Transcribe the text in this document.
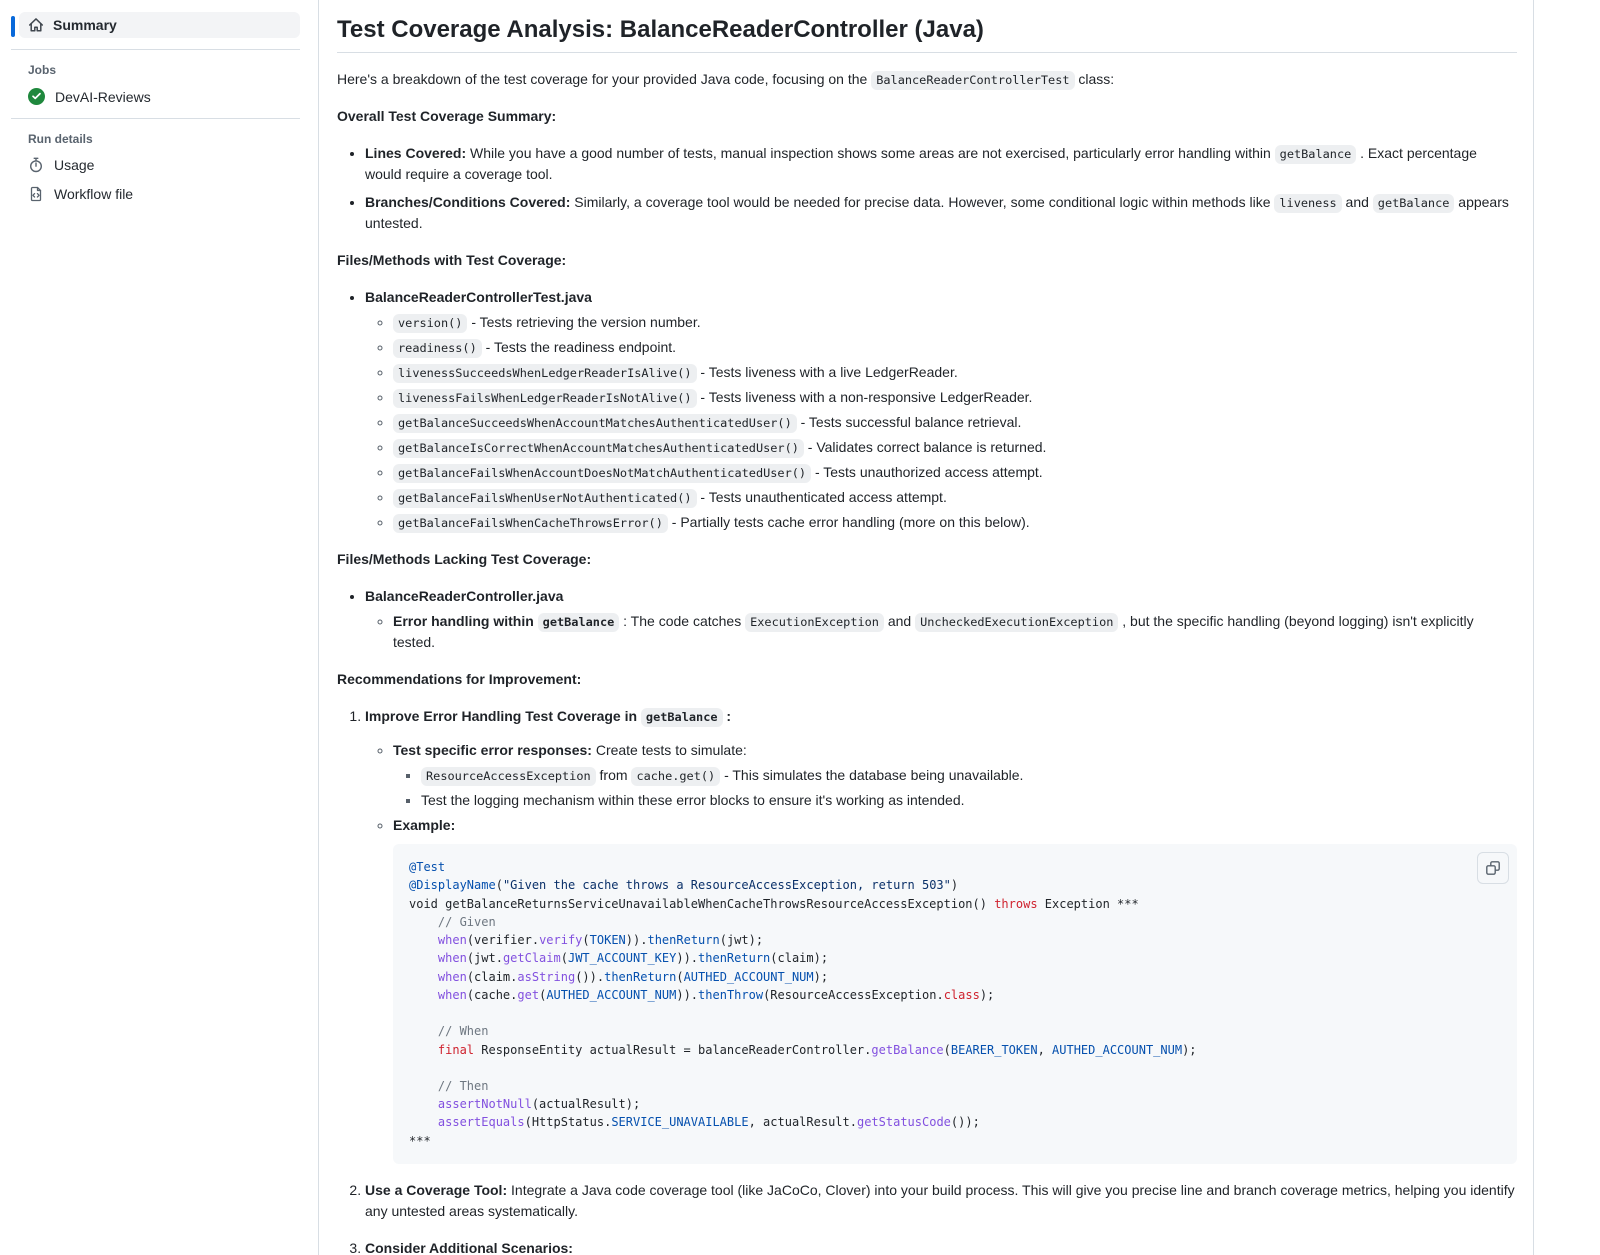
Summary
Jobs
DevAI-Reviews
Run details
Usage
Workflow file
Test Coverage Analysis: BalanceReaderController (Java)

Here's a breakdown of the test coverage for your provided Java code, focusing on the BalanceReaderControllerTest class:

Overall Test Coverage Summary:

• Lines Covered: While you have a good number of tests, manual inspection shows some areas are not exercised, particularly error handling within getBalance . Exact percentage would require a coverage tool.
• Branches/Conditions Covered: Similarly, a coverage tool would be needed for precise data. However, some conditional logic within methods like liveness and getBalance appears untested.

Files/Methods with Test Coverage:

• BalanceReaderControllerTest.java
◦ version() - Tests retrieving the version number.
◦ readiness() - Tests the readiness endpoint.
◦ livenessSucceedsWhenLedgerReaderIsAlive() - Tests liveness with a live LedgerReader.
◦ livenessFailsWhenLedgerReaderIsNotAlive() - Tests liveness with a non-responsive LedgerReader.
◦ getBalanceSucceedsWhenAccountMatchesAuthenticatedUser() - Tests successful balance retrieval.
◦ getBalanceIsCorrectWhenAccountMatchesAuthenticatedUser() - Validates correct balance is returned.
◦ getBalanceFailsWhenAccountDoesNotMatchAuthenticatedUser() - Tests unauthorized access attempt.
◦ getBalanceFailsWhenUserNotAuthenticated() - Tests unauthenticated access attempt.
◦ getBalanceFailsWhenCacheThrowsError() - Partially tests cache error handling (more on this below).

Files/Methods Lacking Test Coverage:

• BalanceReaderController.java
◦ Error handling within getBalance : The code catches ExecutionException and UncheckedExecutionException , but the specific handling (beyond logging) isn't explicitly tested.

Recommendations for Improvement:

1. Improve Error Handling Test Coverage in getBalance :
◦ Test specific error responses: Create tests to simulate:
▪ ResourceAccessException from cache.get() - This simulates the database being unavailable.
▪ Test the logging mechanism within these error blocks to ensure it's working as intended.
◦ Example:
@Test
@DisplayName("Given the cache throws a ResourceAccessException, return 503")
void getBalanceReturnsServiceUnavailableWhenCacheThrowsResourceAccessException() throws Exception ***
// Given
when(verifier.verify(TOKEN)).thenReturn(jwt);
when(jwt.getClaim(JWT_ACCOUNT_KEY)).thenReturn(claim);
when(claim.asString()).thenReturn(AUTHED_ACCOUNT_NUM);
when(cache.get(AUTHED_ACCOUNT_NUM)).thenThrow(ResourceAccessException.class);

// When
final ResponseEntity actualResult = balanceReaderController.getBalance(BEARER_TOKEN, AUTHED_ACCOUNT_NUM);

// Then
assertNotNull(actualResult);
assertEquals(HttpStatus.SERVICE_UNAVAILABLE, actualResult.getStatusCode());
***
2. Use a Coverage Tool: Integrate a Java code coverage tool (like JaCoCo, Clover) into your build process. This will give you precise line and branch coverage metrics, helping you identify any untested areas systematically.
3. Consider Additional Scenarios:
